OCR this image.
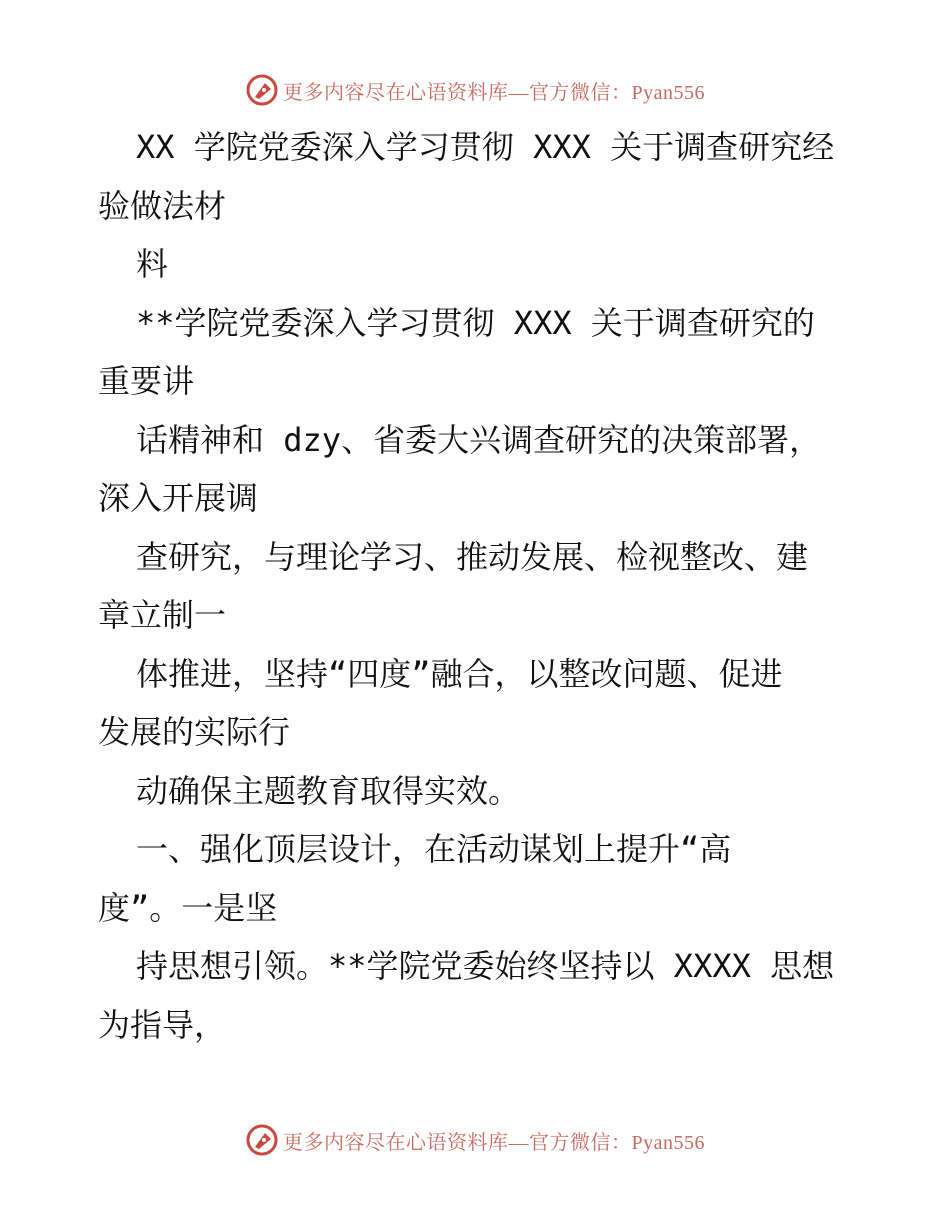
更多内容尽在心语资料库—官方微信：Pyan556
XX 学院党委深入学习贯彻 XXX 关于调查研究经
验做法材
料
**学院党委深入学习贯彻 XXX 关于调查研究的
重要讲
话精神和 dzy、省委大兴调查研究的决策部署，
深入开展调
查研究，与理论学习、推动发展、检视整改、建
章立制一
体推进，坚持“四度”融合，以整改问题、促进
发展的实际行
动确保主题教育取得实效。
一、强化顶层设计，在活动谋划上提升“高
度”。一是坚
持思想引领。**学院党委始终坚持以 XXXX 思想
为指导，
更多内容尽在心语资料库—官方微信：Pyan556
